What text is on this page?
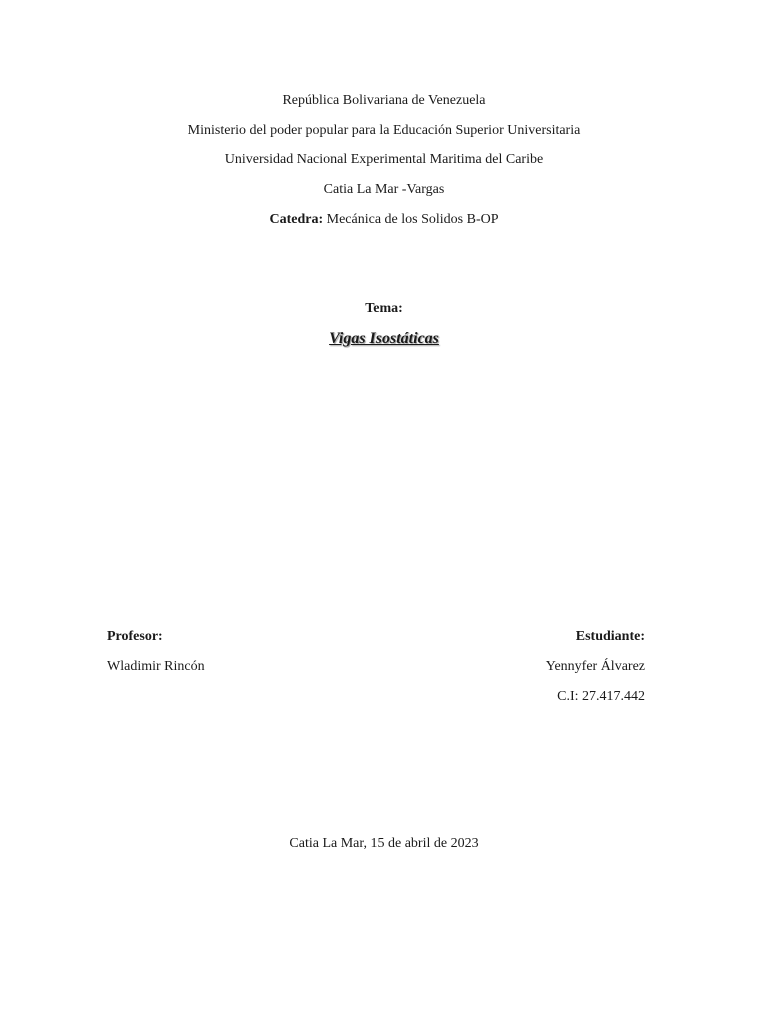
República Bolivariana de Venezuela
Ministerio del poder popular para la Educación Superior Universitaria
Universidad Nacional Experimental Maritima del Caribe
Catia La Mar -Vargas
Catedra: Mecánica de los Solidos B-OP
Tema:
Vigas Isostáticas
Profesor:
Wladimir Rincón
Estudiante:
Yennyfer Álvarez
C.I: 27.417.442
Catia La Mar, 15 de abril de 2023
